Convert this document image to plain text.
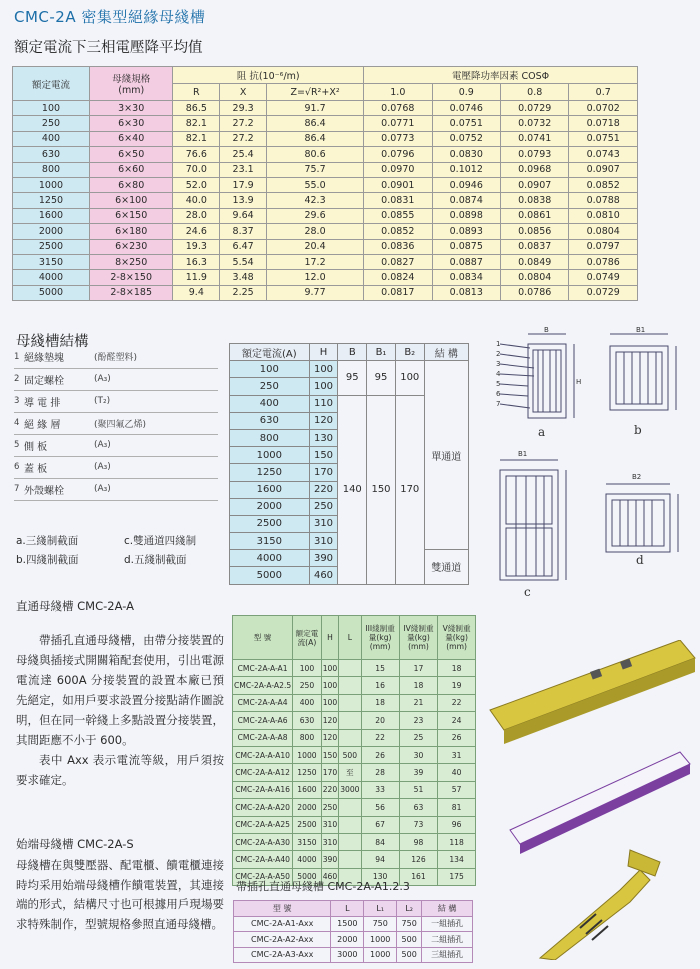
CMC-2A 密集型絕緣母綫槽
額定電流下三相電壓降平均值
額定電流	母綫規格
(mm)	阻 抗(10⁻⁶/m)			電壓降功率因素 COSΦ			
		R	X	Z=√R²+X²	1.0	0.9	0.8	0.7
100	3×30	86.5	29.3	91.7	0.0768	0.0746	0.0729	0.0702
250	6×30	82.1	27.2	86.4	0.0771	0.0751	0.0732	0.0718
400	6×40	82.1	27.2	86.4	0.0773	0.0752	0.0741	0.0751
630	6×50	76.6	25.4	80.6	0.0796	0.0830	0.0793	0.0743
800	6×60	70.0	23.1	75.7	0.0970	0.1012	0.0968	0.0907
1000	6×80	52.0	17.9	55.0	0.0901	0.0946	0.0907	0.0852
1250	6×100	40.0	13.9	42.3	0.0831	0.0874	0.0838	0.0788
1600	6×150	28.0	9.64	29.6	0.0855	0.0898	0.0861	0.0810
2000	6×180	24.6	8.37	28.0	0.0852	0.0893	0.0856	0.0804
2500	6×230	19.3	6.47	20.4	0.0836	0.0875	0.0837	0.0797
3150	8×250	16.3	5.54	17.2	0.0827	0.0887	0.0849	0.0786
4000	2-8×150	11.9	3.48	12.0	0.0824	0.0834	0.0804	0.0749
5000	2-8×185	9.4	2.25	9.77	0.0817	0.0813	0.0786	0.0729
母綫槽結構
1	絕緣墊塊	(酚醛塑料)
2	固定螺栓	(A₃)
3	導 電 排	(T₂)
4	絕 緣 層	(聚四氟乙烯)
5	側 板	(A₃)
6	蓋 板	(A₃)
7	外殼螺栓	(A₃)
額定電流(A)	H	B	B₁	B₂	結 構
100	100	95	95	100	單通道
250	100				
400	110	140	150	170	
630	120				
800	130				
1000	150				
1250	170				
1600	220				
2000	250				
2500	310				
3150	310				
4000	390				雙通道
5000	460				
a.三綫制截面	c.雙通道四綫制
b.四綫制截面	d.五綫制截面
B
H
1
2
3
4
5
6
7
a
B1
b
B1
c
B2
d
直通母綫槽 CMC-2A-A
帶插孔直通母綫槽，由帶分接裝置的母綫與插接式開關箱配套使用，引出電源電流達 600A 分接裝置的設置本廠已預先絕定，如用戶要求設置分接點請作圖說明，但在同一幹綫上多點設置分接裝置，其間距應不小于 600。
表中 Axx 表示電流等級，用戶須按要求確定。
始端母綫槽 CMC-2A-S
母綫槽在與雙壓器、配電櫃、饋電櫃連接時均采用始端母綫槽作饋電裝置，其連接端的形式，結構尺寸也可根據用戶現場要求特殊制作，型號規格參照直通母綫槽。
型 號	額定電流(A)	H	L	III綫制重量(kg)(mm)	IV綫制重量(kg)(mm)	V綫制重量(kg)(mm)
CMC-2A-A-A1	100	100		15	17	18
CMC-2A-A-A2.5	250	100		16	18	19
CMC-2A-A-A4	400	100		18	21	22
CMC-2A-A-A6	630	120		20	23	24
CMC-2A-A-A8	800	120		22	25	26
CMC-2A-A-A10	1000	150	500	26	30	31
CMC-2A-A-A12	1250	170	至	28	39	40
CMC-2A-A-A16	1600	220	3000	33	51	57
CMC-2A-A-A20	2000	250		56	63	81
CMC-2A-A-A25	2500	310		67	73	96
CMC-2A-A-A30	3150	310		84	98	118
CMC-2A-A-A40	4000	390		94	126	134
CMC-2A-A-A50	5000	460		130	161	175
帶插孔直通母綫槽 CMC-2A-A1.2.3
型 號	L	L₁	L₂	結 構
CMC-2A-A1-Axx	1500	750	750	一組插孔
CMC-2A-A2-Axx	2000	1000	500	二組插孔
CMC-2A-A3-Axx	3000	1000	500	三組插孔
